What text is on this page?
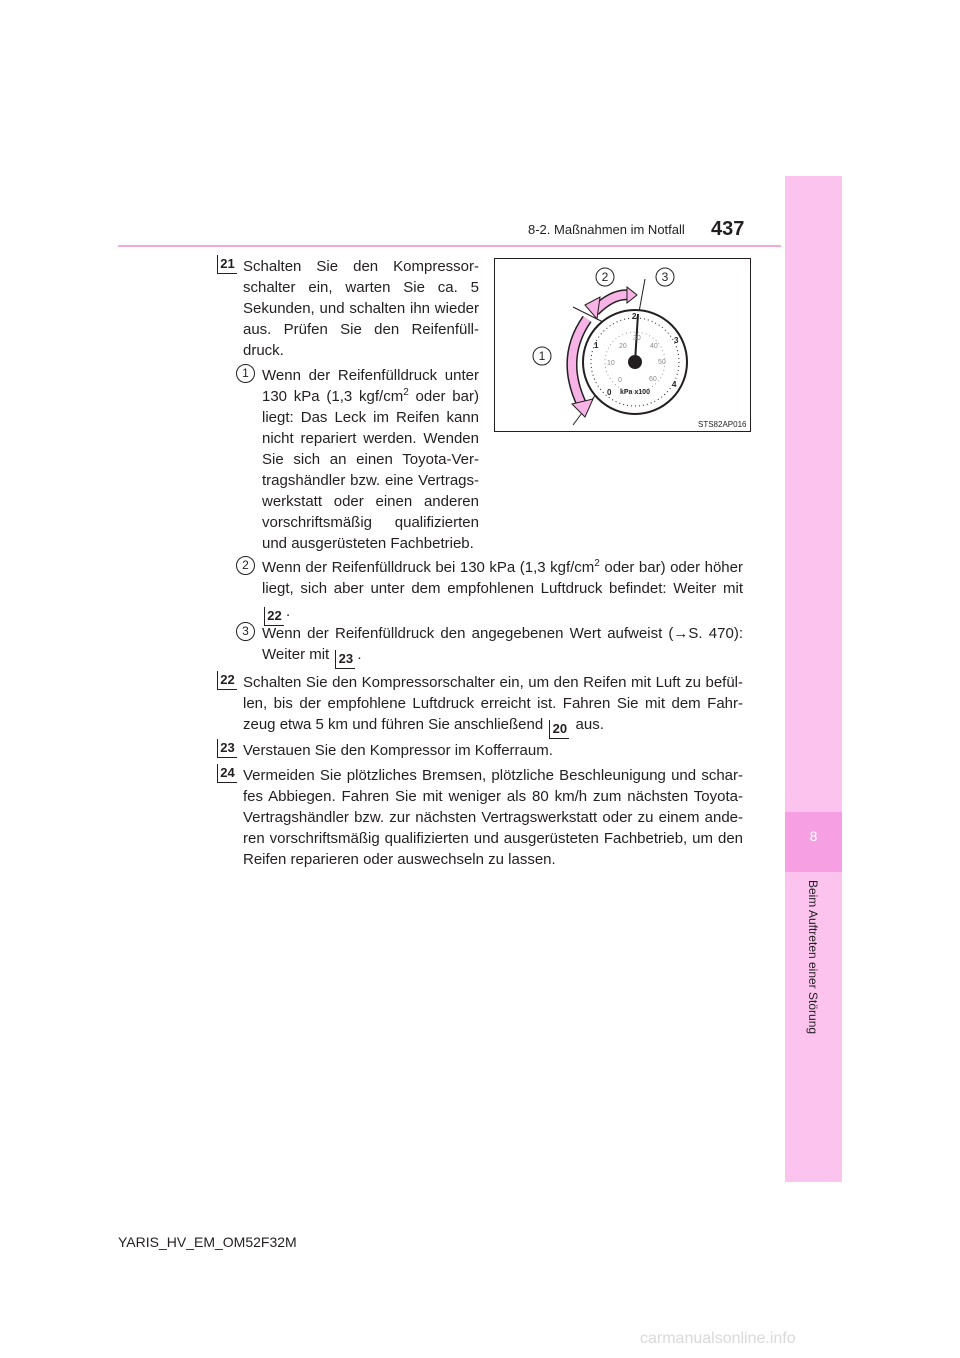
8-2. Maßnahmen im Notfall 437
8
Beim Auftreten einer Störung
21 Schalten Sie den Kompressor-
schalter ein, warten Sie ca. 5
Sekunden, und schalten ihn wieder
aus. Prüfen Sie den Reifenfüll-
druck.
1 Wenn der Reifenfülldruck unter
130 kPa (1,3 kgf/$cm^2$ oder bar)
liegt: Das Leck im Reifen kann
nicht repariert werden. Wenden
Sie sich an einen Toyota-Ver-
tragshändler bzw. eine Vertrags-
werkstatt oder einen anderen
vorschriftsmäßig qualifizierten
und ausgerüsteten Fachbetrieb.
0
1
2
3
4
0
10
20
30
40
50
60
kPa x100
1
2	3
STS82AP016
2 Wenn der Reifenfülldruck bei 130 kPa (1,3 kgf/$cm^2$ oder bar) oder höher
liegt, sich aber unter dem empfohlenen Luftdruck befindet: Weiter mit
22 .
3 Wenn der Reifenfülldruck den angegebenen Wert aufweist (→S. 470):
Weiter mit 23 .
22 Schalten Sie den Kompressorschalter ein, um den Reifen mit Luft zu befül-
len, bis der empfohlene Luftdruck erreicht ist. Fahren Sie mit dem Fahr-
zeug etwa 5 km und führen Sie anschließend 20 aus.
23 Verstauen Sie den Kompressor im Kofferraum.
24 Vermeiden Sie plötzliches Bremsen, plötzliche Beschleunigung und schar-
fes Abbiegen. Fahren Sie mit weniger als 80 km/h zum nächsten Toyota-
Vertragshändler bzw. zur nächsten Vertragswerkstatt oder zu einem ande-
ren vorschriftsmäßig qualifizierten und ausgerüsteten Fachbetrieb, um den
Reifen reparieren oder auswechseln zu lassen.
YARIS_HV_EM_OM52F32M
carmanualsonline.info
